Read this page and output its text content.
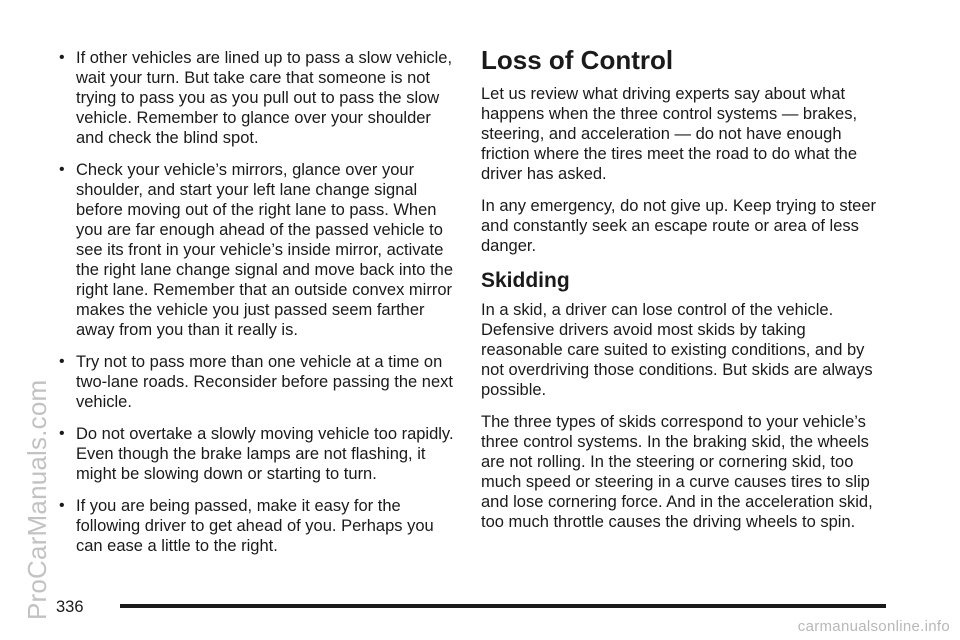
ProCarManuals.com
• If other vehicles are lined up to pass a slow vehicle, wait your turn. But take care that someone is not trying to pass you as you pull out to pass the slow vehicle. Remember to glance over your shoulder and check the blind spot.
• Check your vehicle’s mirrors, glance over your shoulder, and start your left lane change signal before moving out of the right lane to pass. When you are far enough ahead of the passed vehicle to see its front in your vehicle’s inside mirror, activate the right lane change signal and move back into the right lane. Remember that an outside convex mirror makes the vehicle you just passed seem farther away from you than it really is.
• Try not to pass more than one vehicle at a time on two-lane roads. Reconsider before passing the next vehicle.
• Do not overtake a slowly moving vehicle too rapidly. Even though the brake lamps are not flashing, it might be slowing down or starting to turn.
• If you are being passed, make it easy for the following driver to get ahead of you. Perhaps you can ease a little to the right.
Loss of Control

Let us review what driving experts say about what happens when the three control systems — brakes, steering, and acceleration — do not have enough friction where the tires meet the road to do what the driver has asked.

In any emergency, do not give up. Keep trying to steer and constantly seek an escape route or area of less danger.

Skidding

In a skid, a driver can lose control of the vehicle. Defensive drivers avoid most skids by taking reasonable care suited to existing conditions, and by not overdriving those conditions. But skids are always possible.

The three types of skids correspond to your vehicle’s three control systems. In the braking skid, the wheels are not rolling. In the steering or cornering skid, too much speed or steering in a curve causes tires to slip and lose cornering force. And in the acceleration skid, too much throttle causes the driving wheels to spin.

336
carmanualsonline.info
